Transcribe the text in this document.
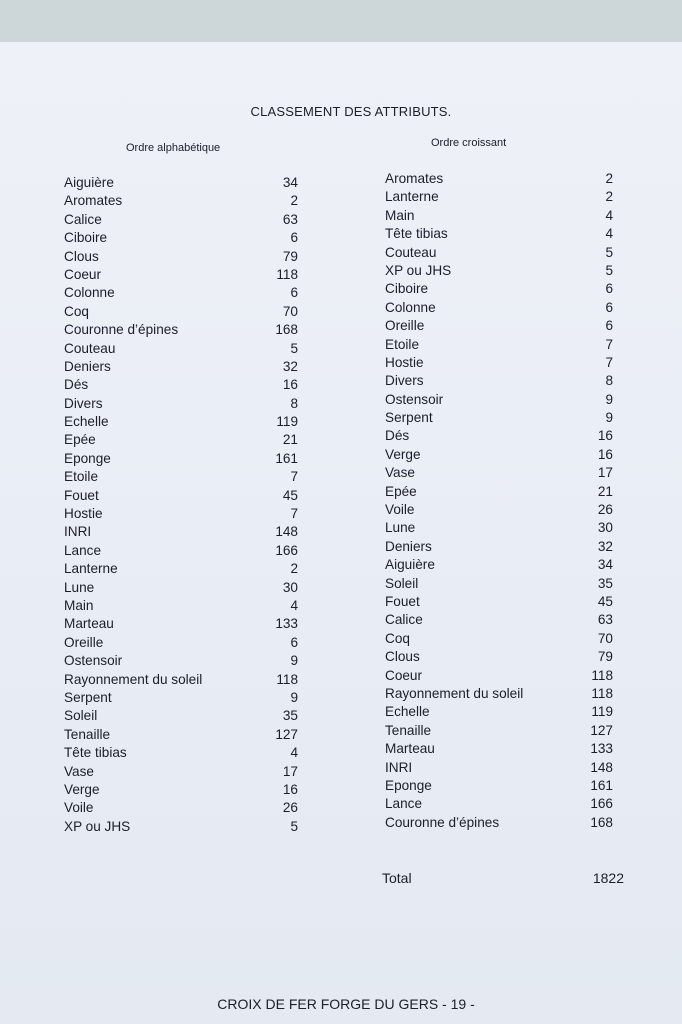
CLASSEMENT DES ATTRIBUTS.
Ordre alphabétique	Ordre croissant
Aiguière	34
Aromates	2
Calice	63
Ciboire	6
Clous	79
Coeur	118
Colonne	6
Coq	70
Couronne d’épines	168
Couteau	5
Deniers	32
Dés	16
Divers	8
Echelle	119
Epée	21
Eponge	161
Etoile	7
Fouet	45
Hostie	7
INRI	148
Lance	166
Lanterne	2
Lune	30
Main	4
Marteau	133
Oreille	6
Ostensoir	9
Rayonnement du soleil	118
Serpent	9
Soleil	35
Tenaille	127
Tête tibias	4
Vase	17
Verge	16
Voile	26
XP ou JHS	5
Aromates	2
Lanterne	2
Main	4
Tête tibias	4
Couteau	5
XP ou JHS	5
Ciboire	6
Colonne	6
Oreille	6
Etoile	7
Hostie	7
Divers	8
Ostensoir	9
Serpent	9
Dés	16
Verge	16
Vase	17
Epée	21
Voile	26
Lune	30
Deniers	32
Aiguière	34
Soleil	35
Fouet	45
Calice	63
Coq	70
Clous	79
Coeur	118
Rayonnement du soleil	118
Echelle	119
Tenaille	127
Marteau	133
INRI	148
Eponge	161
Lance	166
Couronne d’épines	168
Total	1822
CROIX DE FER FORGE DU GERS - 19 -
